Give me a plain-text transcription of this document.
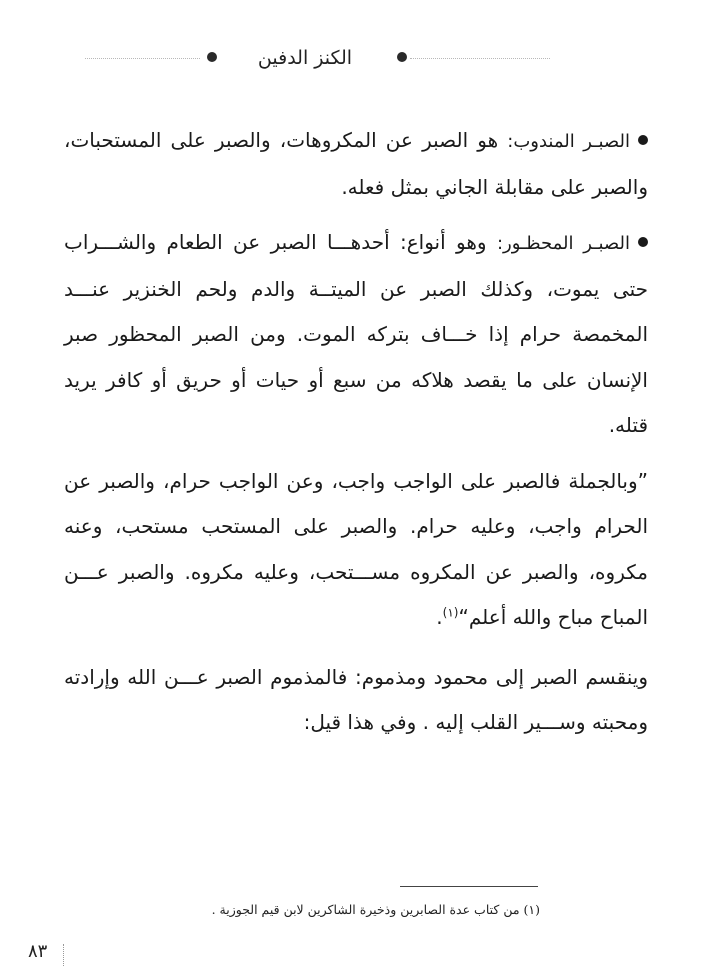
الكنز الدفين

الصبـر المندوب: هو الصبر عن المكروهات، والصبر على المستحبات، والصبر على مقابلة الجاني بمثل فعله.

الصبـر المحظـور: وهو أنواع: أحدهـــا الصبر عن الطعام والشـــراب حتى يموت، وكذلك الصبر عن الميتــة والدم ولحم الخنزير عنـــد المخمصة حرام إذا خـــاف بتركه الموت. ومن الصبر المحظور صبر الإنسان على ما يقصد هلاكه من سبع أو حيات أو حريق أو كافر يريد قتله.

”وبالجملة فالصبر على الواجب واجب، وعن الواجب حرام، والصبر عن الحرام واجب، وعليه حرام. والصبر على المستحب مستحب، وعنه مكروه، والصبر عن المكروه مســـتحب، وعليه مكروه. والصبر عـــن المباح مباح والله أعلم“$^{(١)}$.

وينقسم الصبر إلى محمود ومذموم: فالمذموم الصبر عـــن الله وإرادته ومحبته وســـير القلب إليه . وفي هذا قيل:

(١) من كتاب عدة الصابرين وذخيرة الشاكرين لابن قيم الجوزية .
٨٣
